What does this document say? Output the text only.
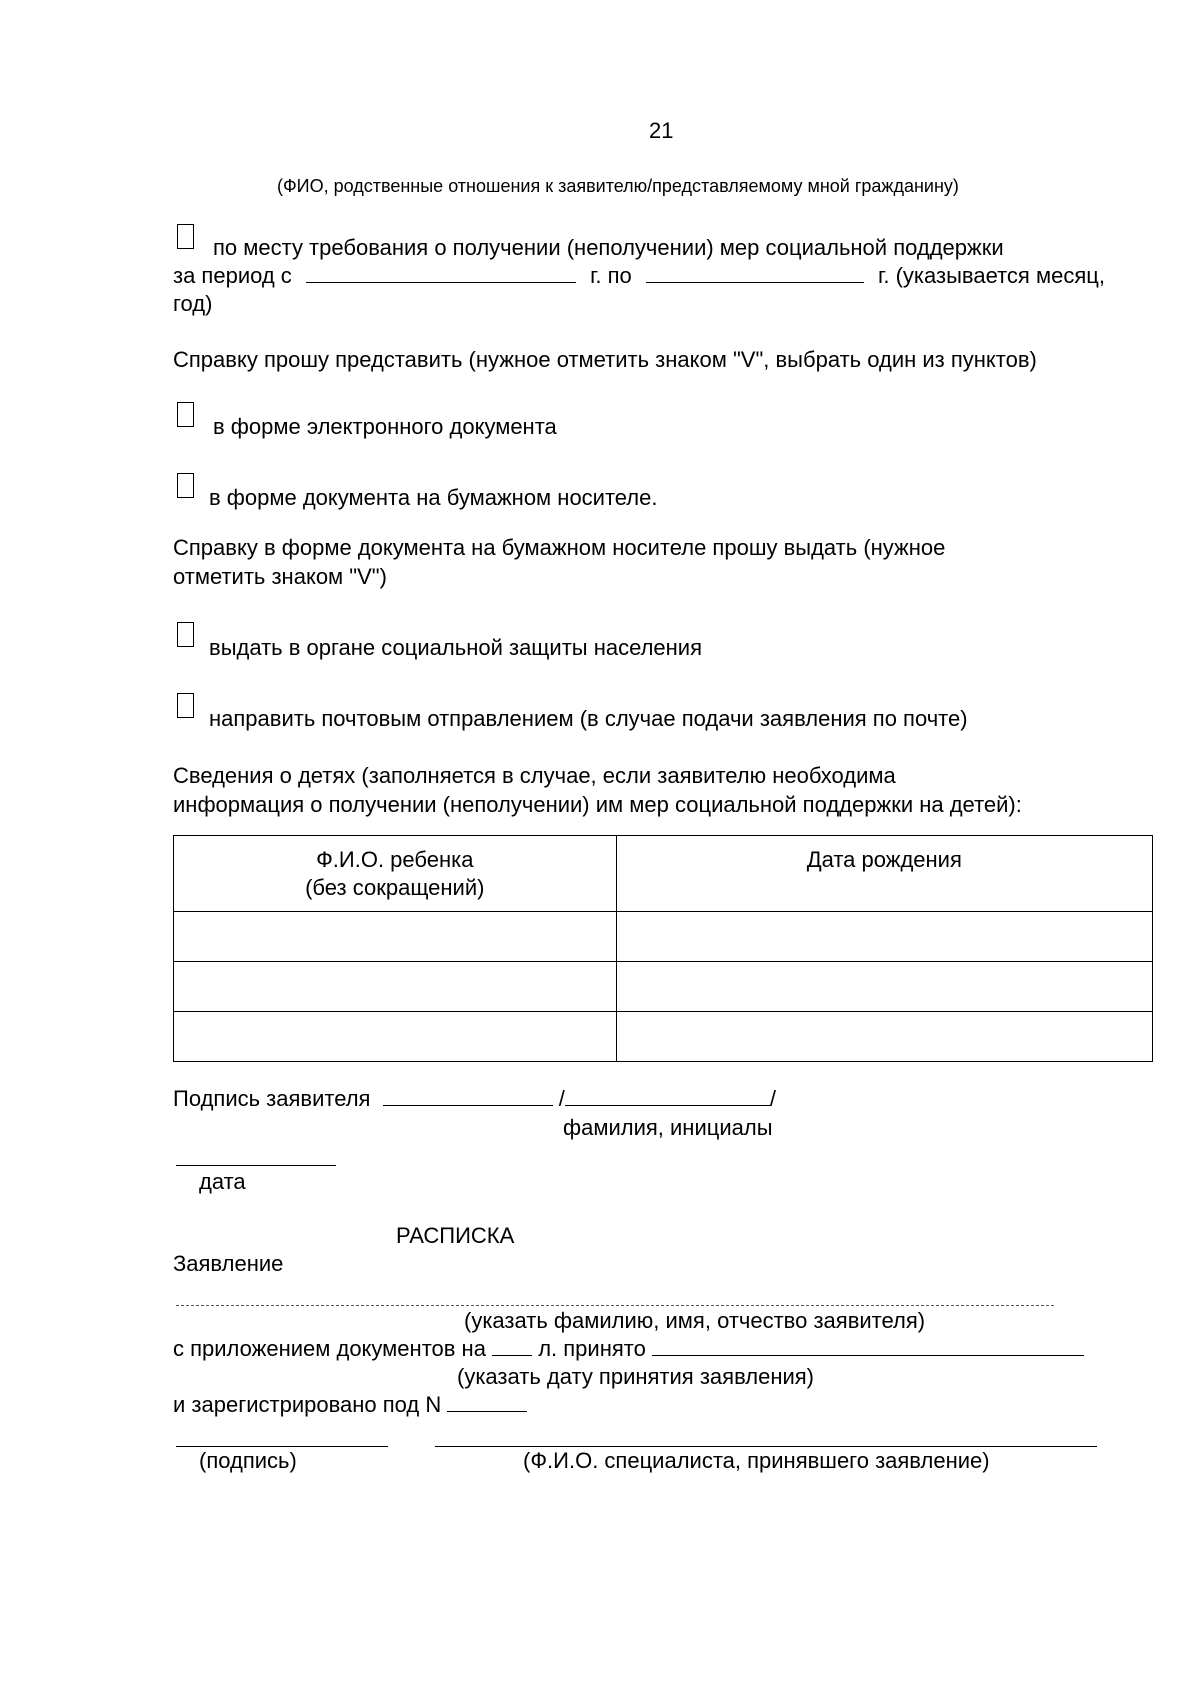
21
(ФИО, родственные отношения к заявителю/представляемому мной гражданину)
по месту требования о получении (неполучении) мер социальной поддержки
за период с	г. по	г. (указывается месяц,
год)
Справку прошу представить (нужное отметить знаком "V", выбрать один из пунктов)
в форме электронного документа
в форме документа на бумажном носителе.
Справку в форме документа на бумажном носителе прошу выдать (нужное
отметить знаком "V")
выдать в органе социальной защиты населения
направить почтовым отправлением (в случае подачи заявления по почте)
Сведения о детях (заполняется в случае, если заявителю необходима
информация о получении (неполучении) им мер социальной поддержки на детей):
Ф.И.О. ребенка
(без сокращений)	Дата рождения

Подпись заявителя	/	/
фамилия, инициалы
дата
РАСПИСКА
Заявление
(указать фамилию, имя, отчество заявителя)
с приложением документов на л. принято
(указать дату принятия заявления)
и зарегистрировано под N
(подпись)	(Ф.И.О. специалиста, принявшего заявление)
